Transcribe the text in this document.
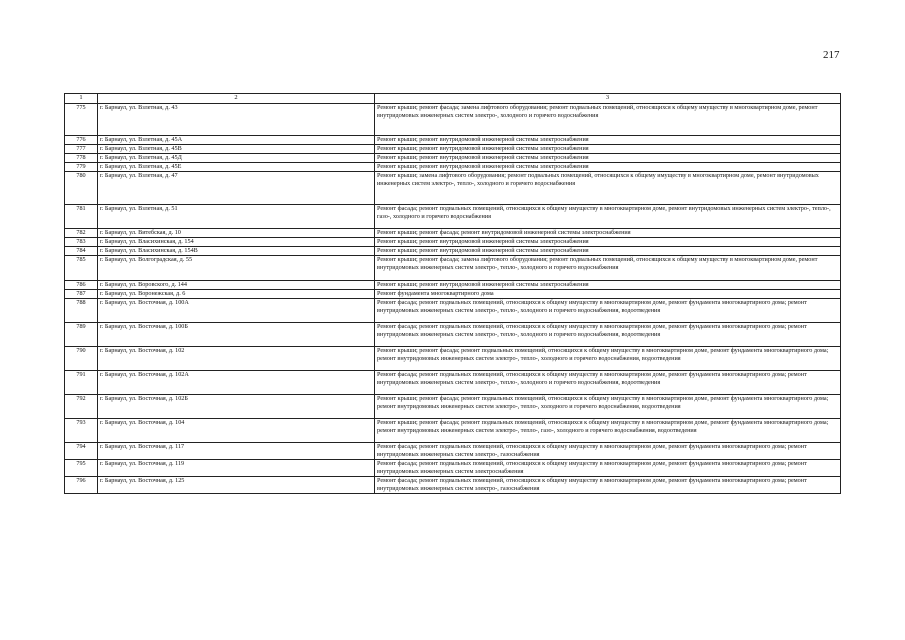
217
1	2	3
775	г. Барнаул, ул. Взлетная, д. 43	Ремонт крыши; ремонт фасада; замена лифтового оборудования; ремонт подвальных помещений, относящихся к общему имуществу в многоквартирном доме, ремонт внутридомовых инженерных систем электро-, холодного и горячего водоснабжения
776	г. Барнаул, ул. Взлетная, д. 45А	Ремонт крыши; ремонт внутридомовой инженерной системы электроснабжения
777	г. Барнаул, ул. Взлетная, д. 45В	Ремонт крыши; ремонт внутридомовой инженерной системы электроснабжения
778	г. Барнаул, ул. Взлетная, д. 45Д	Ремонт крыши; ремонт внутридомовой инженерной системы электроснабжения
779	г. Барнаул, ул. Взлетная, д. 45Е	Ремонт крыши; ремонт внутридомовой инженерной системы электроснабжения
780	г. Барнаул, ул. Взлетная, д. 47	Ремонт крыши; замена лифтового оборудования; ремонт подвальных помещений, относящихся к общему имуществу в многоквартирном доме, ремонт внутридомовых инженерных систем электро-, тепло-, холодного и горячего водоснабжения
781	г. Барнаул, ул. Взлетная, д. 51	Ремонт фасада; ремонт подвальных помещений, относящихся к общему имуществу в многоквартирном доме, ремонт внутридомовых инженерных систем электро-, тепло-, газо-, холодного и горячего водоснабжения
782	г. Барнаул, ул. Витебская, д. 10	Ремонт крыши; ремонт фасада; ремонт внутридомовой инженерной системы электроснабжения
783	г. Барнаул, ул. Власихинская, д. 154	Ремонт крыши; ремонт внутридомовой инженерной системы электроснабжения
784	г. Барнаул, ул. Власихинская, д. 154В	Ремонт крыши; ремонт внутридомовой инженерной системы электроснабжения
785	г. Барнаул, ул. Волгоградская, д. 55	Ремонт крыши; ремонт фасада; замена лифтового оборудования; ремонт подвальных помещений, относящихся к общему имуществу в многоквартирном доме, ремонт внутридомовых инженерных систем электро-, тепло-, холодного и горячего водоснабжения
786	г. Барнаул, ул. Воровского, д. 144	Ремонт крыши; ремонт внутридомовой инженерной системы электроснабжения
787	г. Барнаул, ул. Воронежская, д. 6	Ремонт фундамента многоквартирного дома
788	г. Барнаул, ул. Восточная, д. 100А	Ремонт фасада; ремонт подвальных помещений, относящихся к общему имуществу в многоквартирном доме, ремонт фундамента многоквартирного дома; ремонт внутридомовых инженерных систем электро-, тепло-, холодного и горячего водоснабжения, водоотведения
789	г. Барнаул, ул. Восточная, д. 100Б	Ремонт фасада; ремонт подвальных помещений, относящихся к общему имуществу в многоквартирном доме, ремонт фундамента многоквартирного дома; ремонт внутридомовых инженерных систем электро-, тепло-, холодного и горячего водоснабжения, водоотведения
790	г. Барнаул, ул. Восточная, д. 102	Ремонт крыши; ремонт фасада; ремонт подвальных помещений, относящихся к общему имуществу в многоквартирном доме, ремонт фундамента многоквартирного дома; ремонт внутридомовых инженерных систем электро-, тепло-, холодного и горячего водоснабжения, водоотведения
791	г. Барнаул, ул. Восточная, д. 102А	Ремонт фасада; ремонт подвальных помещений, относящихся к общему имуществу в многоквартирном доме, ремонт фундамента многоквартирного дома; ремонт внутридомовых инженерных систем электро-, тепло-, холодного и горячего водоснабжения, водоотведения
792	г. Барнаул, ул. Восточная, д. 102Б	Ремонт крыши; ремонт фасада; ремонт подвальных помещений, относящихся к общему имуществу в многоквартирном доме, ремонт фундамента многоквартирного дома; ремонт внутридомовых инженерных систем электро-, тепло-, холодного и горячего водоснабжения, водоотведения
793	г. Барнаул, ул. Восточная, д. 104	Ремонт крыши; ремонт фасада; ремонт подвальных помещений, относящихся к общему имуществу в многоквартирном доме, ремонт фундамента многоквартирного дома; ремонт внутридомовых инженерных систем электро-, тепло-, газо-, холодного и горячего водоснабжения, водоотведения
794	г. Барнаул, ул. Восточная, д. 117	Ремонт фасада; ремонт подвальных помещений, относящихся к общему имуществу в многоквартирном доме, ремонт фундамента многоквартирного дома; ремонт внутридомовых инженерных систем электро-, газоснабжения
795	г. Барнаул, ул. Восточная, д. 119	Ремонт фасада; ремонт подвальных помещений, относящихся к общему имуществу в многоквартирном доме, ремонт фундамента многоквартирного дома; ремонт внутридомовых инженерных систем электроснабжения
796	г. Барнаул, ул. Восточная, д. 125	Ремонт фасада; ремонт подвальных помещений, относящихся к общему имуществу в многоквартирном доме, ремонт фундамента многоквартирного дома; ремонт внутридомовых инженерных систем электро-, газоснабжения
